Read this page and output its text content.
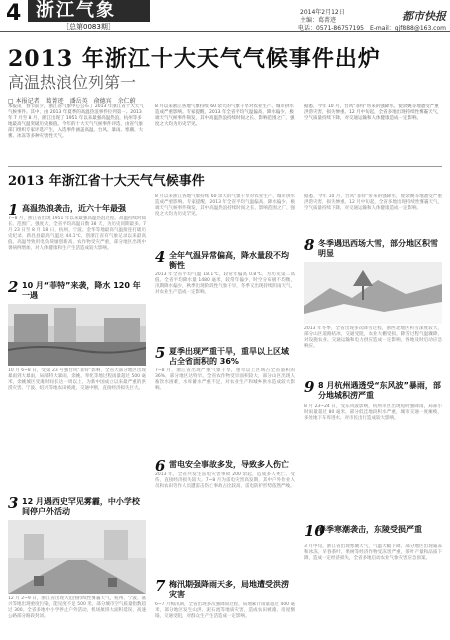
4 浙江气象
［总第0083期］
2014年2月12日
主编：葛菁迹	都市快报
电话：0571-86757195　E-mail：gjf888@163.com
2013 年浙江十大天气气候事件出炉
高温热浪位列第一
□ 本报记者　葛菁迹　潘岳英　俞德宾　余仁蔚
本报讯　春节前夕，浙江省气象中心公布了 2013 年浙江省十大天气气候事件。其中，由 2013 年夏季的高温热浪事件位列第一。2013 年 7 月至 8 月，浙江出现了 1951 年以来最强高温热浪，杭州等多地最高气温突破历史极值。今年的十大天气气候事件评选，由省气象部门组织专家评选产生，入选事件涵盖高温、台风、暴雨、寒潮、大雾、冰冻等多种灾害性天气。
8 月以来浙江各地气象持续 60 余天的气象干旱对农业生产、城市供水造成严重影响。专家提醒，2013 年全省平均气温偏高，降水偏少，极端天气气候事件频发，其中高温热浪持续时间之长、影响范围之广、强度之大均为历史罕见。
据悉，今年 10 月，台风“菲特”带来的强降水，使余姚等地遭受严重洪涝灾害，损失惨重。12 月中旬起，全省多地出现持续性雾霾天气，空气质量持续下降，对交通运输和人体健康造成一定影响。
2013 年浙江省十大天气气候事件
1 高温热浪袭击，近六十年最强
7~8 月，浙江省出现 1951 年以来最强高温热浪过程。高温持续时间长、范围广、强度大，全省平均高温日数 38 天，为历史同期最多。7 月 23 日至 8 月 18 日，杭州、宁波、金华等地最高气温接连打破历史纪录，新昌县最高气温达 44.1℃，创浙江省有气象记录以来最高值。高温导致用电负荷屡创新高，农作物受灾严重，部分地区出现中暑病例增加，对人体健康和生产生活造成较大影响。
2 10 月“菲特”来袭，降水 120 年一遇
10 月 6~8 日，受第 23 号强台风“菲特”影响，全省大部分地区出现暴雨到大暴雨，局部特大暴雨，余姚、奉化等地过程雨量超过 500 毫米，余姚城区受淹时间长达一周以上，为新中国成立以来最严重的洪涝灾害。宁波、绍兴等地农田被淹，交通中断，直接经济损失巨大。
3 12 月遇西史罕见雾霾，中小学校间停户外活动
12 月 2~9 日，浙江省出现大范围持续性雾霾天气，杭州、宁波、嘉兴等地出现重度污染，能见度不足 500 米，部分城市空气质量指数超过 300。全省多地中小学停止户外活动，机场航班大面积延误，高速公路部分路段封闭。
8 月以来浙江各地气象持续 60 余天的气象干旱对农业生产、城市供水造成严重影响。专家提醒，2013 年全省平均气温偏高，降水偏少，极端天气气候事件频发，其中高温热浪持续时间之长、影响范围之广、强度之大均为历史罕见。
4 全年气温异常偏高，降水量段不均衡性
2013 年全省平均气温 18.1℃，较常年偏高 0.8℃，为历史第二高值。全省平均降水量 1480 毫米，较常年偏少，时空分布极不均衡，汛期降水偏少，秋季出现阶段性气象干旱，冬季又出现持续阴雨天气，对农业生产造成一定影响。
5 夏季出现严重干旱，重旱以上区域占全省面积的 36%
7~8 月，浙江省出现严重气象干旱，重旱以上区域占全省面积的 36%，部分地区达特旱。全省农作物受旱面积较大，部分山区出现人畜饮水困难，水库蓄水严重不足，对农业生产和城乡供水造成较大影响。
6 雷电安全事故多发，导致多人伤亡
2013 年，全省共发生雷电灾害事故 200 余起，造成多人死亡、受伤，直接经济损失较大。7~8 月为雷电灾害高发期，其中户外作业人员和农田劳作人员遭雷击伤亡事故占比较高，雷电防护形势依然严峻。
7 梅汛期强降雨天多，局地遭受洪涝灾害
6~7 月梅汛期，全省出现多次强降雨过程，局地累计雨量超过 400 毫米，部分地区发生山洪、泥石流等地质灾害，造成农田被淹、房屋倒塌，交通受阻，对群众生产生活造成一定影响。
据悉，今年 10 月，台风“菲特”带来的强降水，使余姚等地遭受严重洪涝灾害，损失惨重。12 月中旬起，全省多地出现持续性雾霾天气，空气质量持续下降，对交通运输和人体健康造成一定影响。
8 冬季遇迅西场大雪，部分地区积雪明显
2013 年冬季，全省出现多次降雪过程，浙西北地区积雪深度较大，部分山区道路结冰，交通受阻，农业大棚受损。降雪过程气温骤降，对设施农业、交通运输和电力供应造成一定影响，各地及时启动应急响应。
9 8 月杭州遇透受“东风波”暴雨，部分地城积涝严重
8 月 23~24 日，受东风波影响，杭州市区出现短时强降雨，局部小时雨量超过 80 毫米，部分低洼地段积水严重，城市交通一度瘫痪，多处地下车库进水，对市民出行造成较大影响。
10
春季寒潮袭击，东陵受损严重
3 月中旬，浙江省出现寒潮天气，气温大幅下降，部分地区出现霜冻和冰冻，早春茶叶、果树等经济作物受冻害严重，茶叶产量和品质下降，造成一定经济损失，全省多地启动农业气象灾害应急预案。
